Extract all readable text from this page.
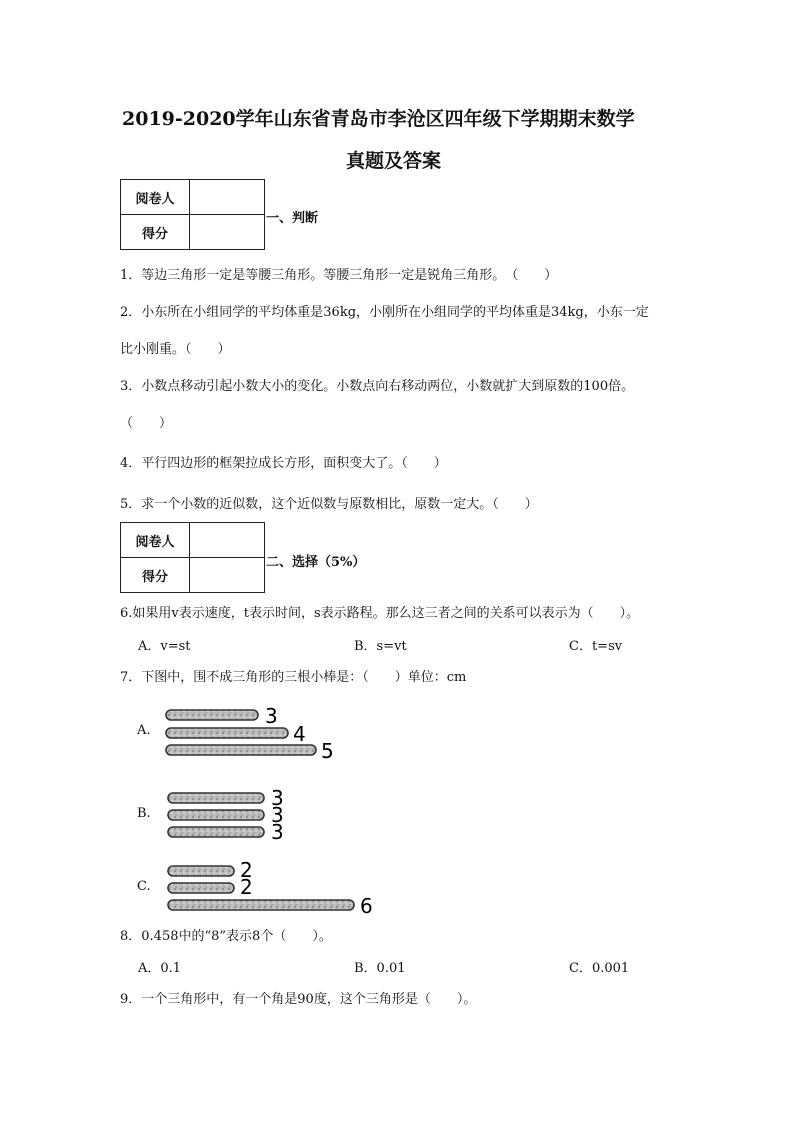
2019-2020学年山东省青岛市李沧区四年级下学期期末数学
真题及答案
阅卷人	
得分	
一、判断
1．等边三角形一定是等腰三角形。等腰三角形一定是锐角三角形。　（　　）
2．小东所在小组同学的平均体重是36kg，小刚所在小组同学的平均体重是34kg，小东一定
比小刚重。（　　）
3．小数点移动引起小数大小的变化。小数点向右移动两位，小数就扩大到原数的100倍。
（　　）
4．平行四边形的框架拉成长方形，面积变大了。（　　）
5．求一个小数的近似数，这个近似数与原数相比，原数一定大。（　　）
阅卷人	
得分	
二、选择（5%）
6.如果用v表示速度，t表示时间，s表示路程。那么这三者之间的关系可以表示为（　　）。
A．v=st	B．s=vt	C．t=sv
7．下图中，围不成三角形的三根小棒是：（　　）单位：cm
A.
B.
C.
3
4
5
3
3
3
2
2
6
8．0.458中的“8”表示8个（　　）。
A．0.1	B．0.01	C．0.001
9．一个三角形中，有一个角是90度，这个三角形是（　　）。
